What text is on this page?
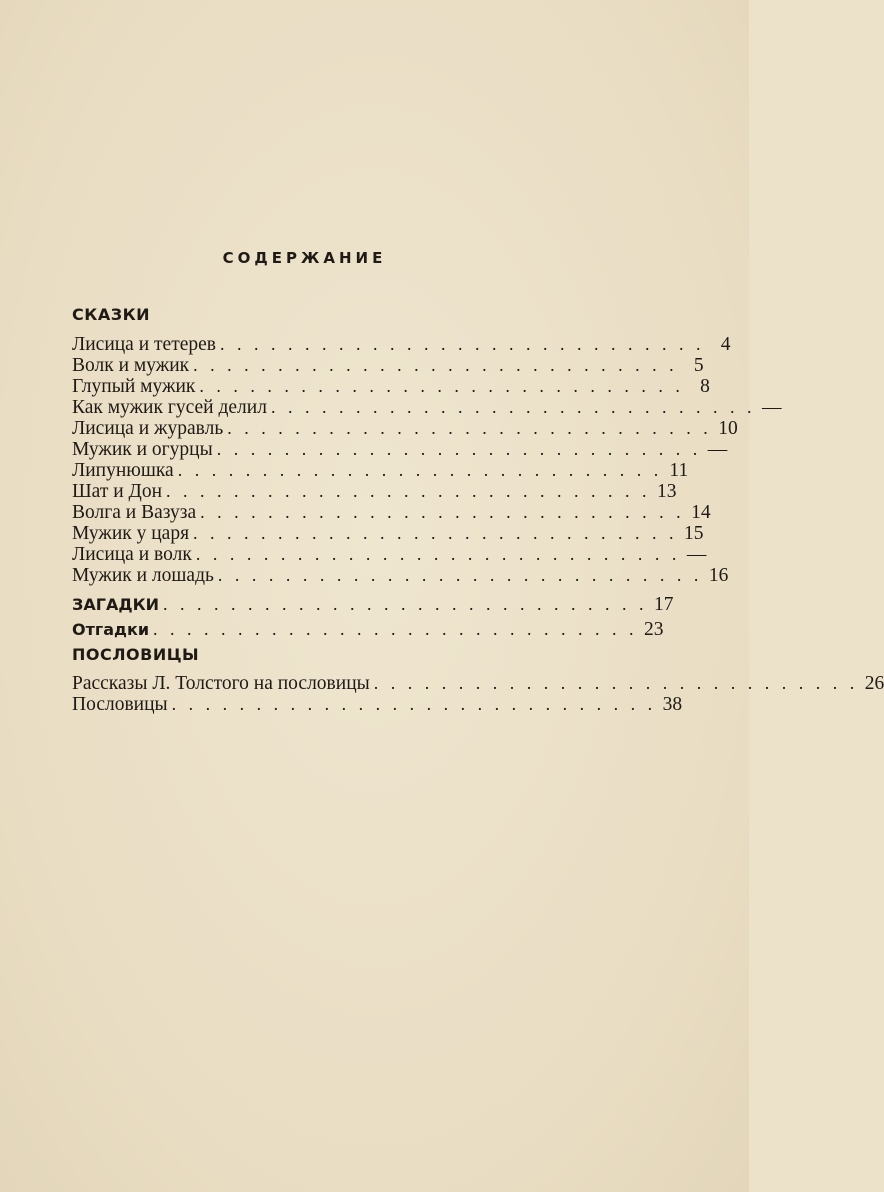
СОДЕРЖАНИЕ
СКАЗКИ
Лисица и тетерев . . . . . . . . . . . . . . . . . . . . . . . . . . . . . 4
Волк и мужик . . . . . . . . . . . . . . . . . . . . . . . . . . . . . 5
Глупый мужик . . . . . . . . . . . . . . . . . . . . . . . . . . . . . 8
Как мужик гусей делил . . . . . . . . . . . . . . . . . . . . . . . . . . . . . —
Лисица и журавль . . . . . . . . . . . . . . . . . . . . . . . . . . . . . 10
Мужик и огурцы . . . . . . . . . . . . . . . . . . . . . . . . . . . . . —
Липунюшка . . . . . . . . . . . . . . . . . . . . . . . . . . . . . 11
Шат и Дон . . . . . . . . . . . . . . . . . . . . . . . . . . . . . 13
Волга и Вазуза . . . . . . . . . . . . . . . . . . . . . . . . . . . . . 14
Мужик у царя . . . . . . . . . . . . . . . . . . . . . . . . . . . . . 15
Лисица и волк . . . . . . . . . . . . . . . . . . . . . . . . . . . . . —
Мужик и лошадь . . . . . . . . . . . . . . . . . . . . . . . . . . . . . 16
ЗАГАДКИ . . . . . . . . . . . . . . . . . . . . . . . . . . . . . 17
Отгадки . . . . . . . . . . . . . . . . . . . . . . . . . . . . . 23
ПОСЛОВИЦЫ
Рассказы Л. Толстого на пословицы . . . . . . . . . . . . . . . . . . . . . . . . . . . . . 26
Пословицы . . . . . . . . . . . . . . . . . . . . . . . . . . . . . 38
